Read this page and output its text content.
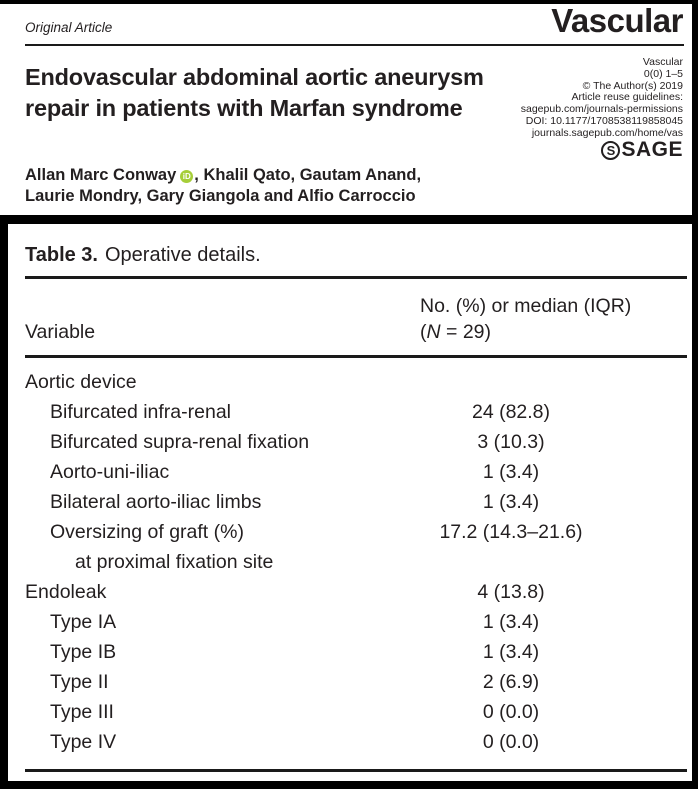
Original Article	Vascular
Endovascular abdominal aortic aneurysm
repair in patients with Marfan syndrome
Vascular
0(0) 1–5
© The Author(s) 2019
Article reuse guidelines:
sagepub.com/journals-permissions
DOI: 10.1177/1708538119858045
journals.sagepub.com/home/vas
S SAGE
Allan Marc Conway iD , Khalil Qato, Gautam Anand,
Laurie Mondry, Gary Giangola and Alfio Carroccio
Table 3. Operative details.
Variable
No. (%) or median (IQR)
(N = 29)
Aortic device
Bifurcated infra-renal	24 (82.8)
Bifurcated supra-renal fixation	3 (10.3)
Aorto-uni-iliac	1 (3.4)
Bilateral aorto-iliac limbs	1 (3.4)
Oversizing of graft (%)	17.2 (14.3–21.6)
at proximal fixation site
Endoleak	4 (13.8)
Type IA	1 (3.4)
Type IB	1 (3.4)
Type II	2 (6.9)
Type III	0 (0.0)
Type IV	0 (0.0)
